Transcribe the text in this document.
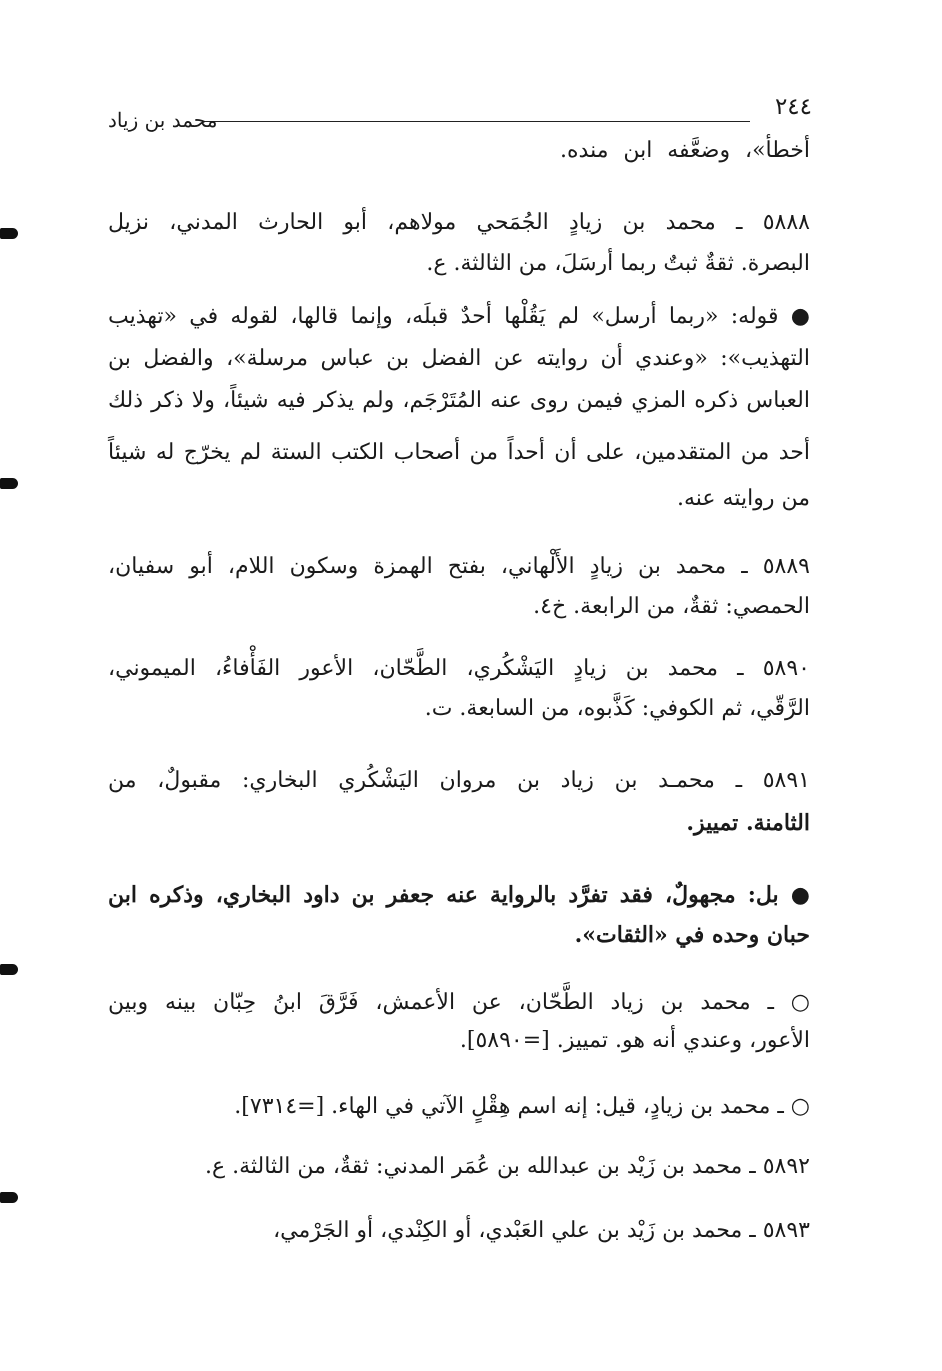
٢٤٤
محمد بن زياد
أخطأ»، وضعَّفه ابن منده.
٥٨٨٨ ـ محمد بن زيادٍ الجُمَحي مولاهم، أبو الحارث المدني، نزيل
البصرة. ثقةٌ ثبتٌ ربما أرسَلَ، من الثالثة. ع.
● قوله: «ربما أرسل» لم يَقُلْها أحدٌ قبلَه، وإنما قالها، لقوله في «تهذيب
التهذيب»: «وعندي أن روايته عن الفضل بن عباس مرسلة»، والفضل بن
العباس ذكره المزي فيمن روى عنه المُتَرْجَم، ولم يذكر فيه شيئاً، ولا ذكر ذلك
أحد من المتقدمين، على أن أحداً من أصحاب الكتب الستة لم يخرّج له شيئاً
من روايته عنه.
٥٨٨٩ ـ محمد بن زيادٍ الأَلْهاني، بفتح الهمزة وسكون اللام، أبو سفيان،
الحمصي: ثقةٌ، من الرابعة. خ٤.
٥٨٩٠ ـ محمد بن زيادٍ اليَشْكُري، الطَّحّان، الأعور الفَأْفاءُ، الميموني،
الرَّقّي، ثم الكوفي: كَذَّبوه، من السابعة. ت.
٥٨٩١ ـ محمـد بن زياد بن مروان اليَشْكُري البخاري: مقبولٌ، من
الثامنة. تمييز.
● بل: مجهولٌ، فقد تفرَّد بالرواية عنه جعفر بن داود البخاري، وذكره ابن
حبان وحده في «الثقات».
○ ـ محمد بن زياد الطَّحّان، عن الأعمش، فَرَّقَ ابنُ حِبّان بينه وبين
الأعور، وعندي أنه هو. تمييز. [=٥٨٩٠].
○ ـ محمد بن زيادٍ، قيل: إنه اسم هِقْلٍ الآتي في الهاء. [=٧٣١٤].
٥٨٩٢ ـ محمد بن زَيْد بن عبدالله بن عُمَر المدني: ثقةٌ، من الثالثة. ع.
٥٨٩٣ ـ محمد بن زَيْد بن علي العَبْدي، أو الكِنْدي، أو الجَرْمي،
